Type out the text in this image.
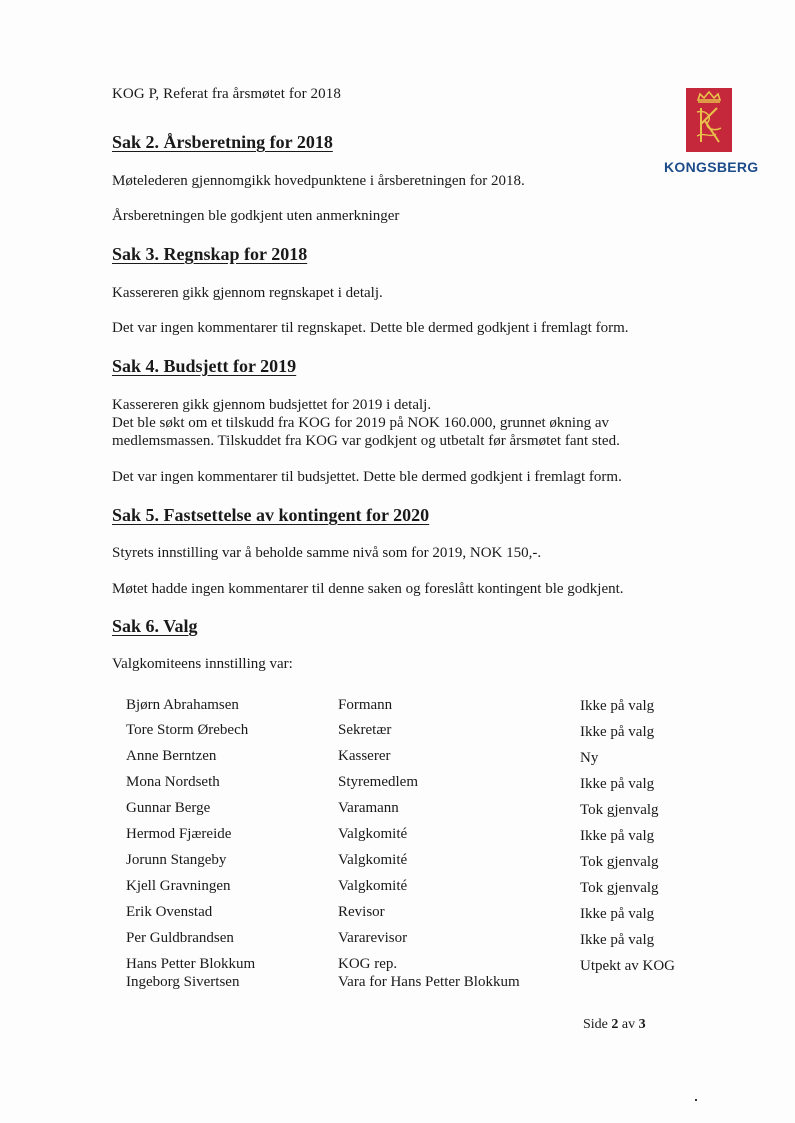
KOG P, Referat fra årsmøtet for 2018
KONGSBERG
Sak 2. Årsberetning for 2018
Møtelederen gjennomgikk hovedpunktene i årsberetningen for 2018.
Årsberetningen ble godkjent uten anmerkninger
Sak 3. Regnskap for 2018
Kassereren gikk gjennom regnskapet i detalj.
Det var ingen kommentarer til regnskapet. Dette ble dermed godkjent i fremlagt form.
Sak 4. Budsjett for 2019
Kassereren gikk gjennom budsjettet for 2019 i detalj.
Det ble søkt om et tilskudd fra KOG for 2019 på NOK 160.000, grunnet økning av
medlemsmassen. Tilskuddet fra KOG var godkjent og utbetalt før årsmøtet fant sted.
Det var ingen kommentarer til budsjettet. Dette ble dermed godkjent i fremlagt form.
Sak 5. Fastsettelse av kontingent for 2020
Styrets innstilling var å beholde samme nivå som for 2019, NOK 150,-.
Møtet hadde ingen kommentarer til denne saken og foreslått kontingent ble godkjent.
Sak 6. Valg
Valgkomiteens innstilling var:
Bjørn Abrahamsen	Formann	Ikke på valg
Tore Storm Ørebech	Sekretær	Ikke på valg
Anne Berntzen	Kasserer	Ny
Mona Nordseth	Styremedlem	Ikke på valg
Gunnar Berge	Varamann	Tok gjenvalg
Hermod Fjæreide	Valgkomité	Ikke på valg
Jorunn Stangeby	Valgkomité	Tok gjenvalg
Kjell Gravningen	Valgkomité	Tok gjenvalg
Erik Ovenstad	Revisor	Ikke på valg
Per Guldbrandsen	Vararevisor	Ikke på valg
Hans Petter Blokkum	KOG rep.	Utpekt av KOG
Ingeborg Sivertsen	Vara for Hans Petter Blokkum
Side 2 av 3
